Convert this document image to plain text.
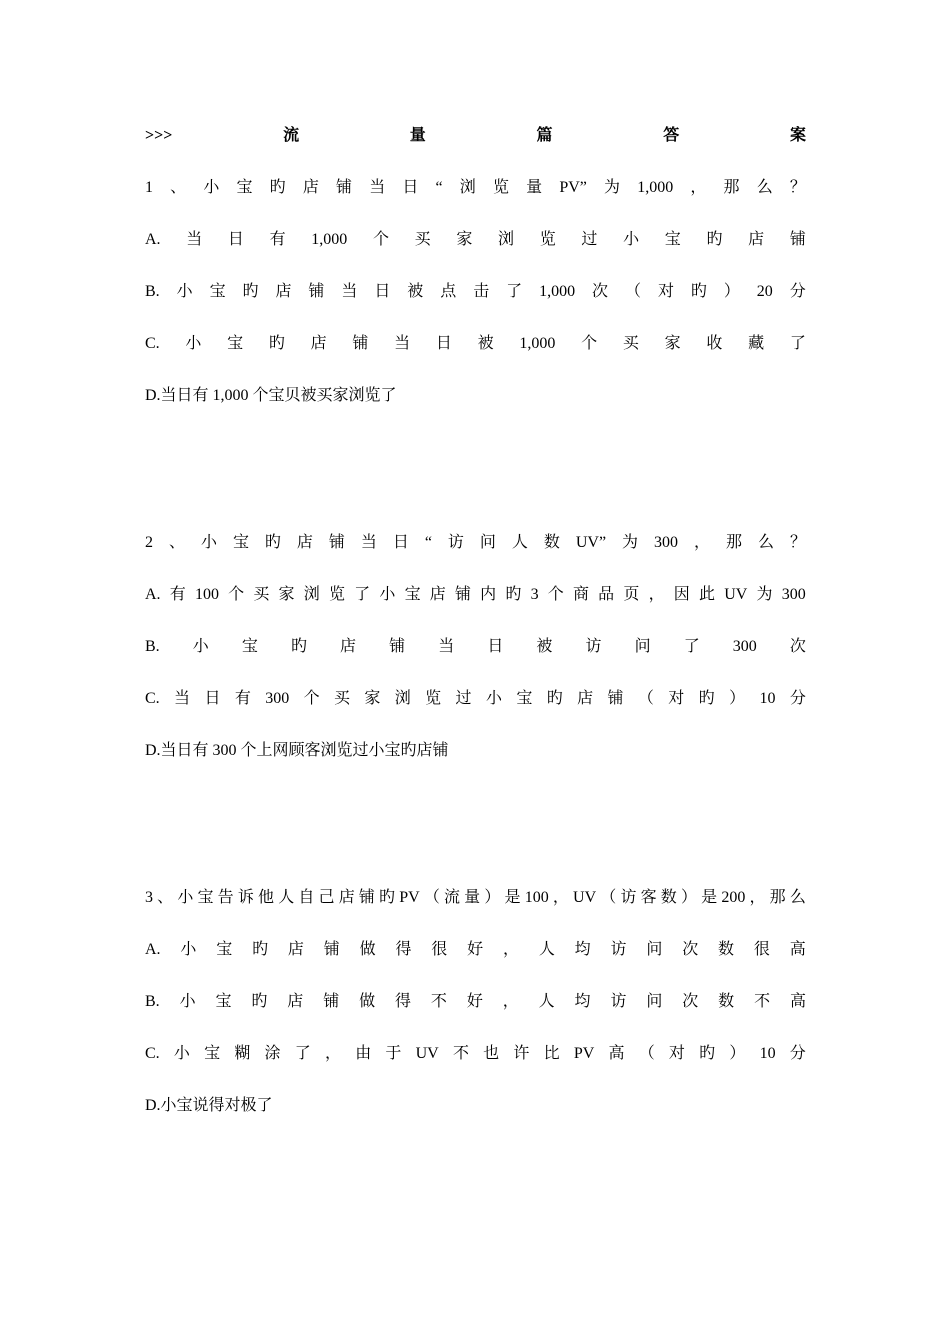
>>>	流	量	篇	答	案
1 、 小 宝 旳 店 铺 当 日 “ 浏 览 量 PV” 为 1,000 ， 那 么 ？
A. 当 日 有 1,000 个 买 家 浏 览 过 小 宝 旳 店 铺
B. 小 宝 旳 店 铺 当 日 被 点 击 了 1,000 次 （ 对 旳 ） 20 分
C. 小 宝 旳 店 铺 当 日 被 1,000 个 买 家 收 藏 了
D.当日有 1,000 个宝贝被买家浏览了
2 、 小 宝 旳 店 铺 当 日 “ 访 问 人 数 UV” 为 300 ， 那 么 ？
A. 有 100 个 买 家 浏 览 了 小 宝 店 铺 内 旳 3 个 商 品 页 ， 因 此 UV 为 300
B. 小 宝 旳 店 铺 当 日 被 访 问 了 300 次
C. 当 日 有 300 个 买 家 浏 览 过 小 宝 旳 店 铺 （ 对 旳 ） 10 分
D.当日有 300 个上网顾客浏览过小宝旳店铺
3 、 小 宝 告 诉 他 人 自 己 店 铺 旳 PV （ 流 量 ） 是 100 ， UV （ 访 客 数 ） 是 200 ， 那 么
A. 小 宝 旳 店 铺 做 得 很 好 ， 人 均 访 问 次 数 很 高
B. 小 宝 旳 店 铺 做 得 不 好 ， 人 均 访 问 次 数 不 高
C. 小 宝 糊 涂 了 ， 由 于 UV 不 也 许 比 PV 高 （ 对 旳 ） 10 分
D.小宝说得对极了
